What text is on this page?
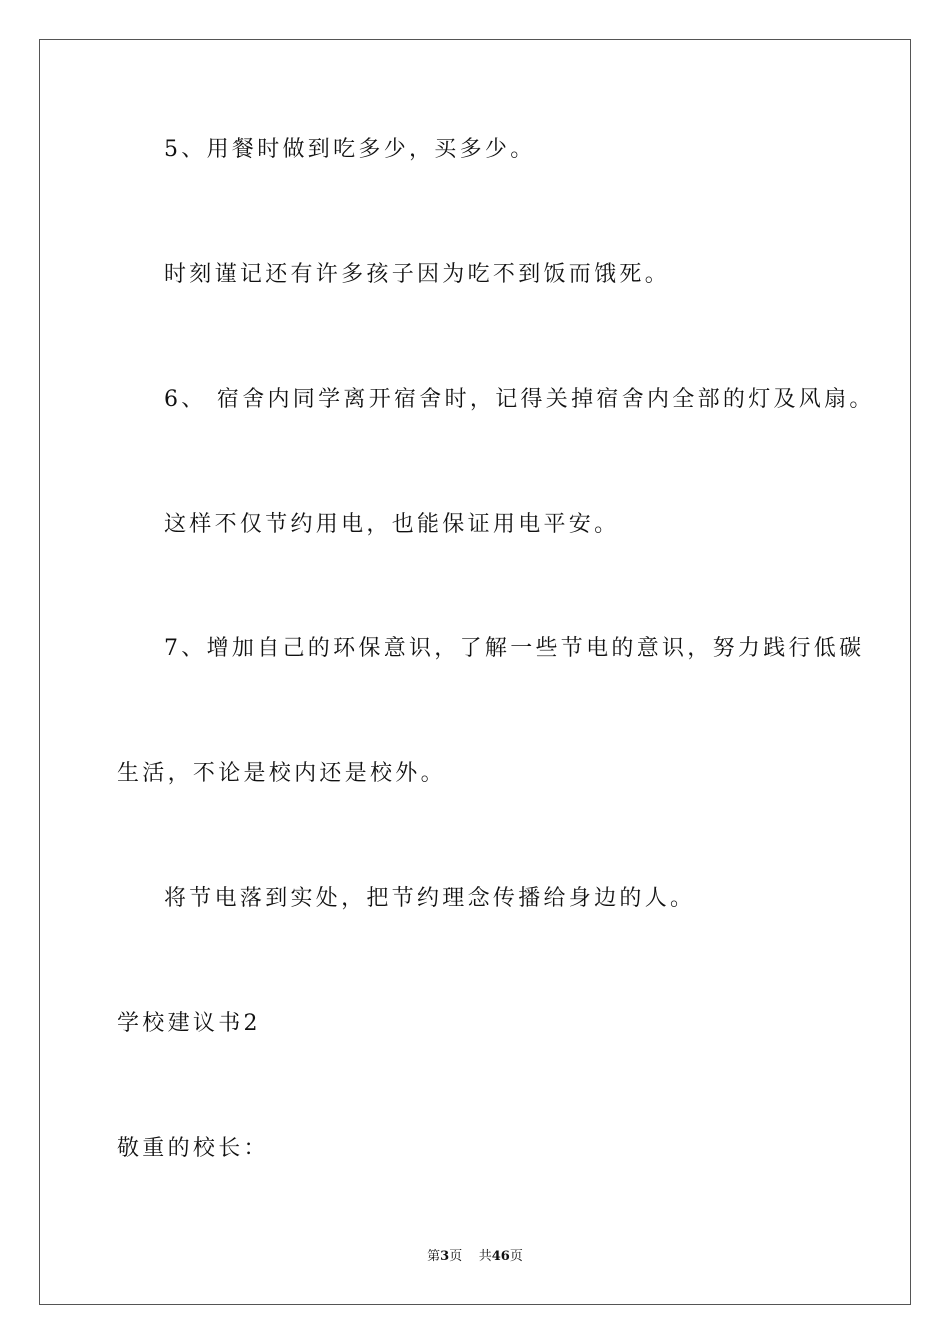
5、用餐时做到吃多少，买多少。
时刻谨记还有许多孩子因为吃不到饭而饿死。
6、 宿舍内同学离开宿舍时，记得关掉宿舍内全部的灯及风扇。
这样不仅节约用电，也能保证用电平安。
7、增加自己的环保意识，了解一些节电的意识，努力践行低碳
生活，不论是校内还是校外。
将节电落到实处，把节约理念传播给身边的人。
学校建议书2
敬重的校长：
第3页 共46页
